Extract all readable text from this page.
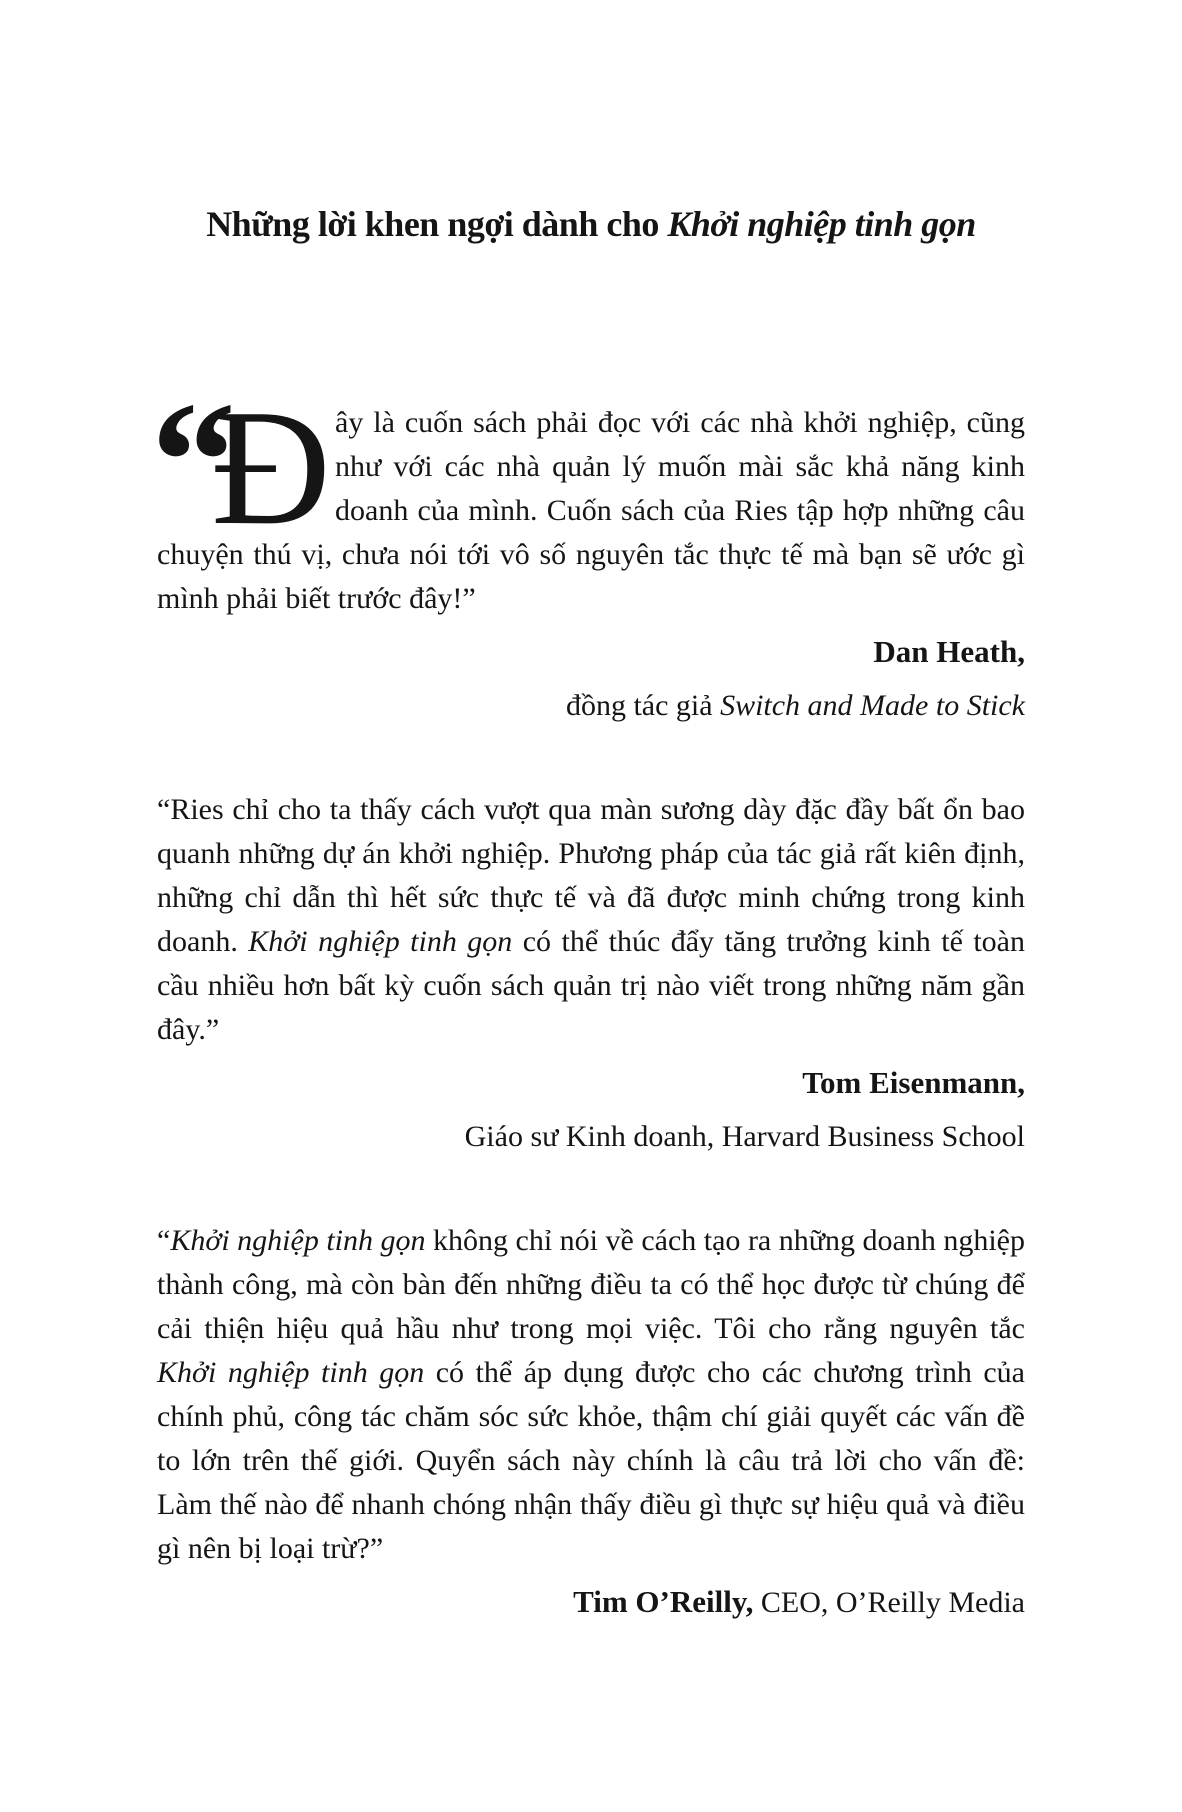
Những lời khen ngợi dành cho Khởi nghiệp tinh gọn

“
Đ ây là cuốn sách phải đọc với các nhà khởi nghiệp, cũng như với các nhà quản lý muốn mài sắc khả năng kinh doanh của mình. Cuốn sách của Ries tập hợp những câu chuyện thú vị, chưa nói tới vô số nguyên tắc thực tế mà bạn sẽ ước gì mình phải biết trước đây!”

Dan Heath,

đồng tác giả Switch and Made to Stick

“Ries chỉ cho ta thấy cách vượt qua màn sương dày đặc đầy bất ổn bao quanh những dự án khởi nghiệp. Phương pháp của tác giả rất kiên định, những chỉ dẫn thì hết sức thực tế và đã được minh chứng trong kinh doanh. Khởi nghiệp tinh gọn có thể thúc đẩy tăng trưởng kinh tế toàn cầu nhiều hơn bất kỳ cuốn sách quản trị nào viết trong những năm gần đây.”

Tom Eisenmann,

Giáo sư Kinh doanh, Harvard Business School

“Khởi nghiệp tinh gọn không chỉ nói về cách tạo ra những doanh nghiệp thành công, mà còn bàn đến những điều ta có thể học được từ chúng để cải thiện hiệu quả hầu như trong mọi việc. Tôi cho rằng nguyên tắc Khởi nghiệp tinh gọn có thể áp dụng được cho các chương trình của chính phủ, công tác chăm sóc sức khỏe, thậm chí giải quyết các vấn đề to lớn trên thế giới. Quyển sách này chính là câu trả lời cho vấn đề: Làm thế nào để nhanh chóng nhận thấy điều gì thực sự hiệu quả và điều gì nên bị loại trừ?”

Tim O’Reilly, CEO, O’Reilly Media
